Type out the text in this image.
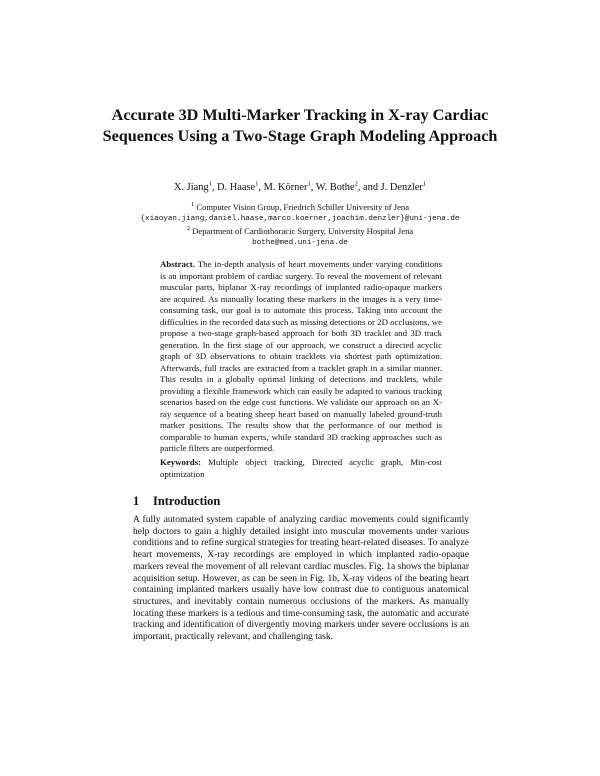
Accurate 3D Multi-Marker Tracking in X-ray Cardiac Sequences Using a Two-Stage Graph Modeling Approach
X. Jiang$^1$, D. Haase$^1$, M. Körner$^1$, W. Bothe$^2$, and J. Denzler$^1$
$^1$ Computer Vision Group, Friedrich Schiller University of Jena
{xiaoyan.jiang,daniel.haase,marco.koerner,joachim.denzler}@uni-jena.de
$^2$ Department of Cardiothoracic Surgery, University Hospital Jena
bothe@med.uni-jena.de
Abstract. The in-depth analysis of heart movements under varying conditions is an important problem of cardiac surgery. To reveal the movement of relevant muscular parts, biplanar X-ray recordings of implanted radio-opaque markers are acquired. As manually locating these markers in the images is a very time-consuming task, our goal is to automate this process. Taking into account the difficulties in the recorded data such as missing detections or 2D occlusions, we propose a two-stage graph-based approach for both 3D tracklet and 3D track generation. In the first stage of our approach, we construct a directed acyclic graph of 3D observations to obtain tracklets via shortest path optimization. Afterwards, full tracks are extracted from a tracklet graph in a similar manner. This results in a globally optimal linking of detections and tracklets, while providing a flexible framework which can easily be adapted to various tracking scenarios based on the edge cost functions. We validate our approach on an X-ray sequence of a beating sheep heart based on manually labeled ground-truth marker positions. The results show that the performance of our method is comparable to human experts, while standard 3D tracking approaches such as particle filters are outperformed.
Keywords: Multiple object tracking, Directed acyclic graph, Min-cost optimization
1 Introduction
A fully automated system capable of analyzing cardiac movements could significantly help doctors to gain a highly detailed insight into muscular movements under various conditions and to refine surgical strategies for treating heart-related diseases. To analyze heart movements, X-ray recordings are employed in which implanted radio-opaque markers reveal the movement of all relevant cardiac muscles. Fig. 1a shows the biplanar acquisition setup. However, as can be seen in Fig. 1b, X-ray videos of the beating heart containing implanted markers usually have low contrast due to contiguous anatomical structures, and inevitably contain numerous occlusions of the markers. As manually locating these markers is a tedious and time-consuming task, the automatic and accurate tracking and identification of divergently moving markers under severe occlusions is an important, practically relevant, and challenging task.
